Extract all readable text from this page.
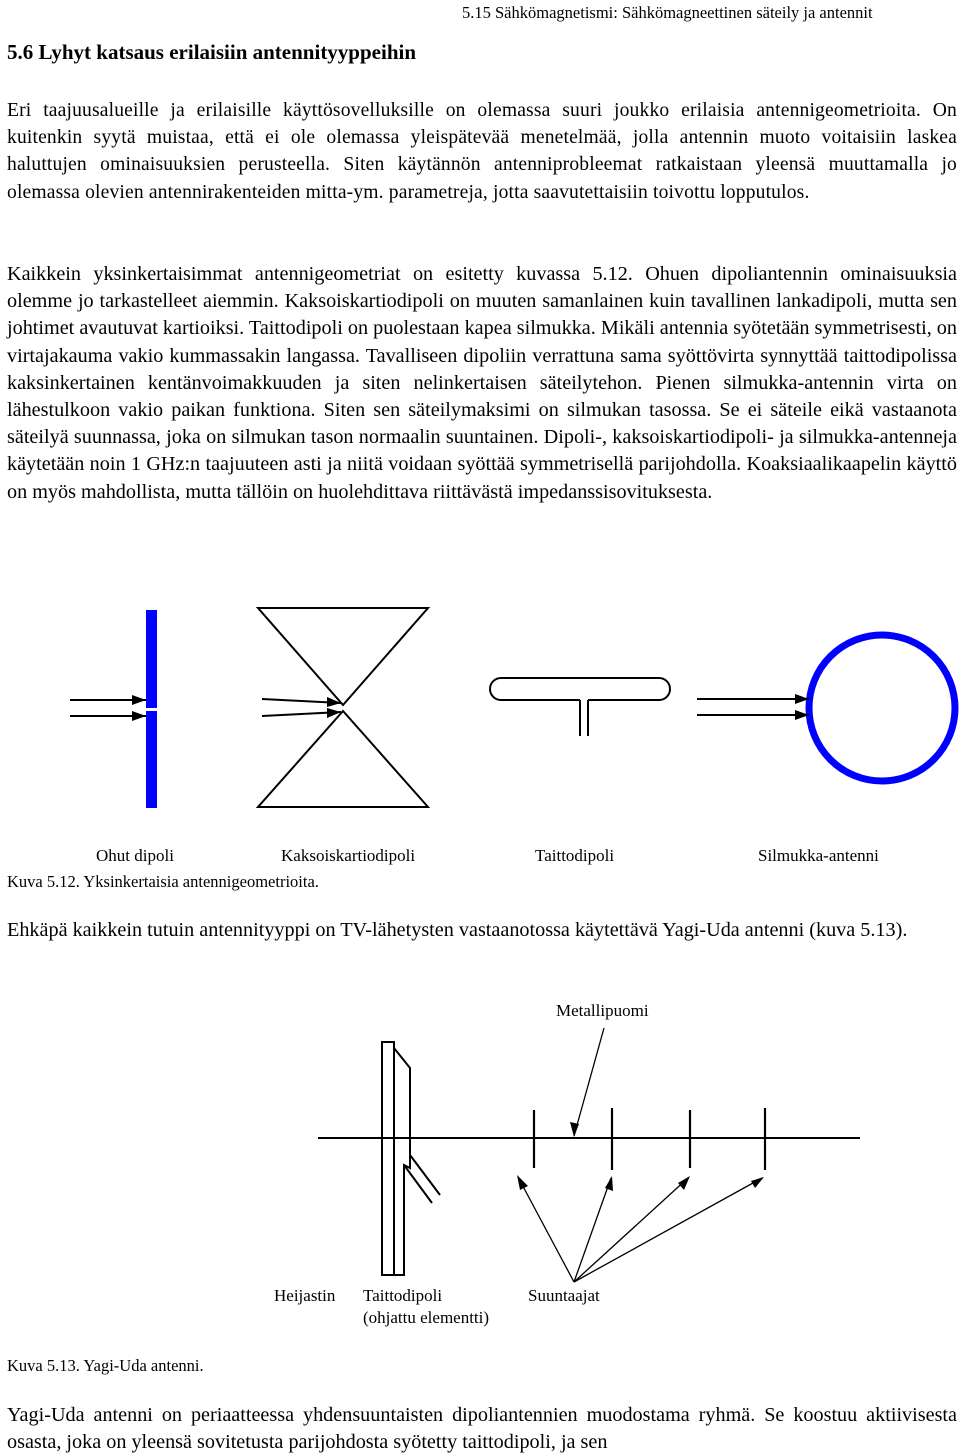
5.15 Sähkömagnetismi: Sähkömagneettinen säteily ja antennit

5.6 Lyhyt katsaus erilaisiin antennityyppeihin

Eri taajuusalueille ja erilaisille käyttösovelluksille on olemassa suuri joukko erilaisia antennigeometrioita. On kuitenkin syytä muistaa, että ei ole olemassa yleispätevää menetelmää, jolla antennin muoto voitaisiin laskea haluttujen ominaisuuksien perusteella. Siten käytännön antenniprobleemat ratkaistaan yleensä muuttamalla jo olemassa olevien antennirakenteiden mitta-ym. parametreja, jotta saavutettaisiin toivottu lopputulos.

Kaikkein yksinkertaisimmat antennigeometriat on esitetty kuvassa 5.12. Ohuen dipoliantennin ominaisuuksia olemme jo tarkastelleet aiemmin. Kaksoiskartiodipoli on muuten samanlainen kuin tavallinen lankadipoli, mutta sen johtimet avautuvat kartioiksi. Taittodipoli on puolestaan kapea silmukka. Mikäli antennia syötetään symmetrisesti, on virtajakauma vakio kummassakin langassa. Tavalliseen dipoliin verrattuna sama syöttövirta synnyttää taittodipolissa kaksinkertainen kentänvoimakkuuden ja siten nelinkertaisen säteilytehon. Pienen silmukka-antennin virta on lähestulkoon vakio paikan funktiona. Siten sen säteilymaksimi on silmukan tasossa. Se ei säteile eikä vastaanota säteilyä suunnassa, joka on silmukan tason normaalin suuntainen. Dipoli-, kaksoiskartiodipoli- ja silmukka-antenneja käytetään noin 1 GHz:n taajuuteen asti ja niitä voidaan syöttää symmetrisellä parijohdolla. Koaksiaalikaapelin käyttö on myös mahdollista, mutta tällöin on huolehdittava riittävästä impedanssisovituksesta.

Ohut dipoli	Kaksoiskartiodipoli	Taittodipoli	Silmukka-antenni
Kuva 5.12. Yksinkertaisia antennigeometrioita.

Ehkäpä kaikkein tutuin antennityyppi on TV-lähetysten vastaanotossa käytettävä Yagi-Uda antenni (kuva 5.13).

Metallipuomi
Heijastin Taittodipoli
(ohjattu elementti)
Suuntaajat
Kuva 5.13. Yagi-Uda antenni.

Yagi-Uda antenni on periaatteessa yhdensuuntaisten dipoliantennien muodostama ryhmä. Se koostuu aktiivisesta osasta, joka on yleensä sovitetusta parijohdosta syötetty taittodipoli, ja sen
